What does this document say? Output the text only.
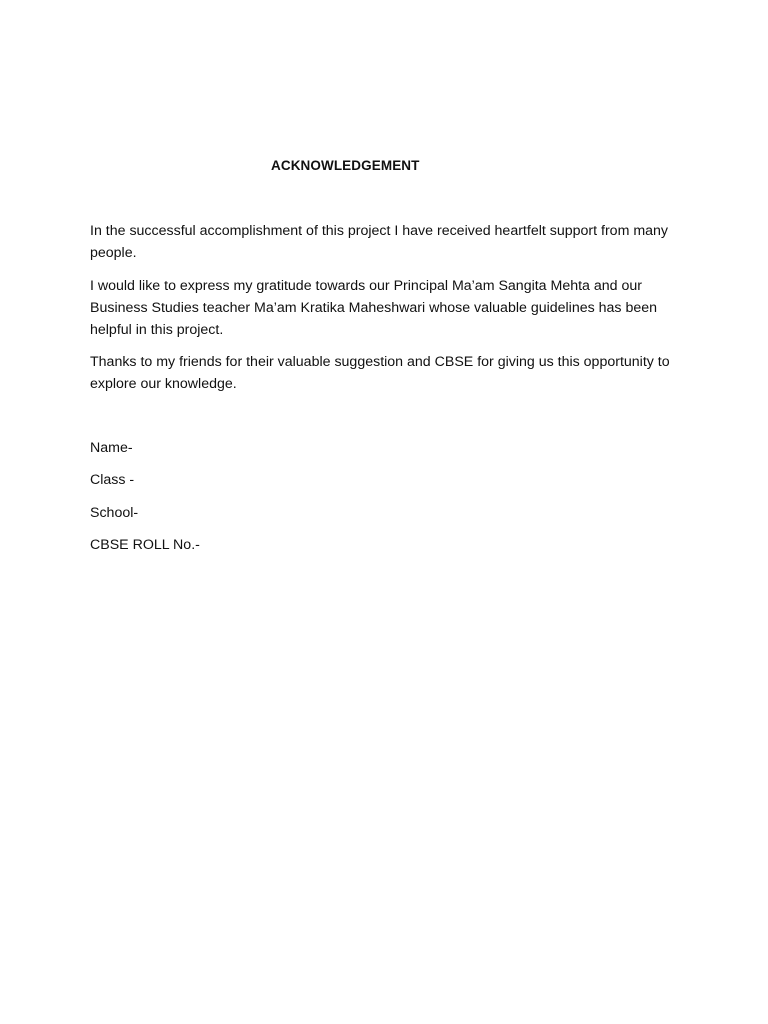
ACKNOWLEDGEMENT

In the successful accomplishment of this project I have received heartfelt support from many people.

I would like to express my gratitude towards our Principal Ma’am Sangita Mehta and our Business Studies teacher Ma’am Kratika Maheshwari whose valuable guidelines has been helpful in this project.

Thanks to my friends for their valuable suggestion and CBSE for giving us this opportunity to explore our knowledge.

Name-
Class -
School-
CBSE ROLL No.-
